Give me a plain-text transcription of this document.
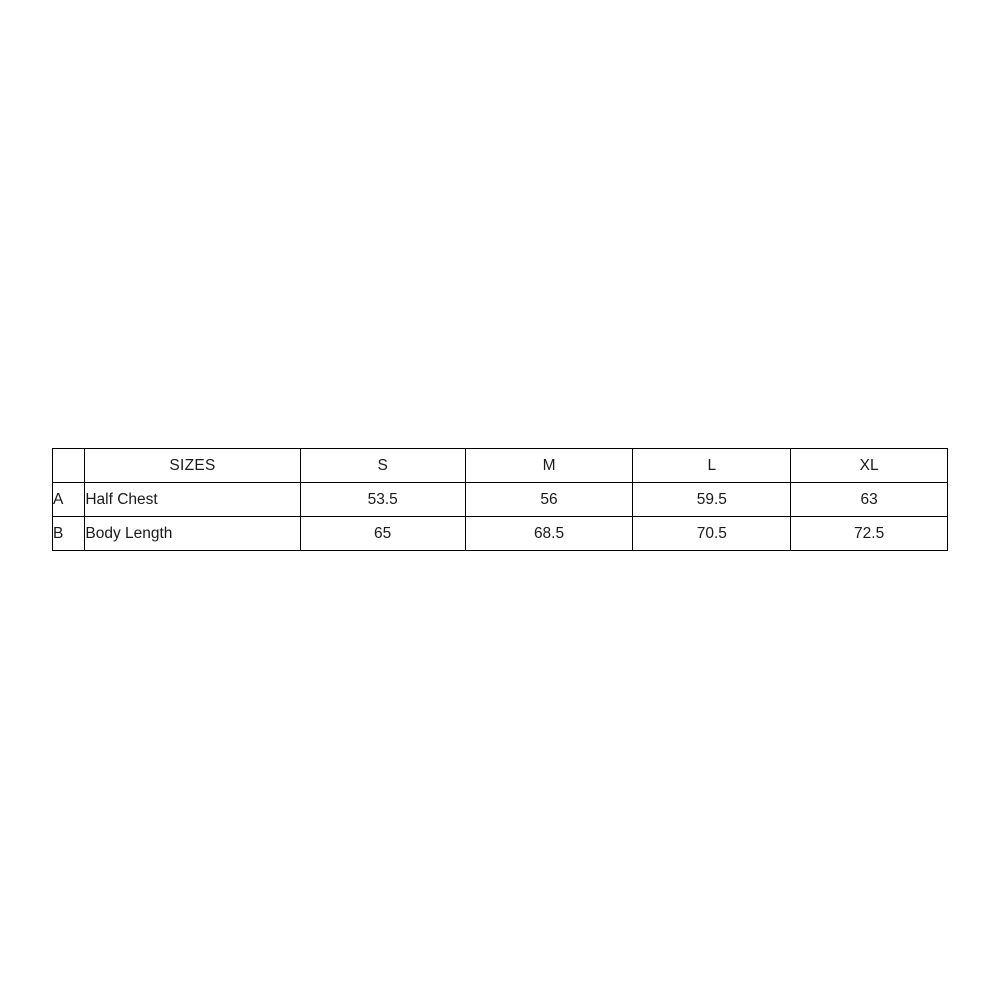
	SIZES	S	M	L	XL
A	Half Chest	53.5	56	59.5	63
B	Body Length	65	68.5	70.5	72.5
